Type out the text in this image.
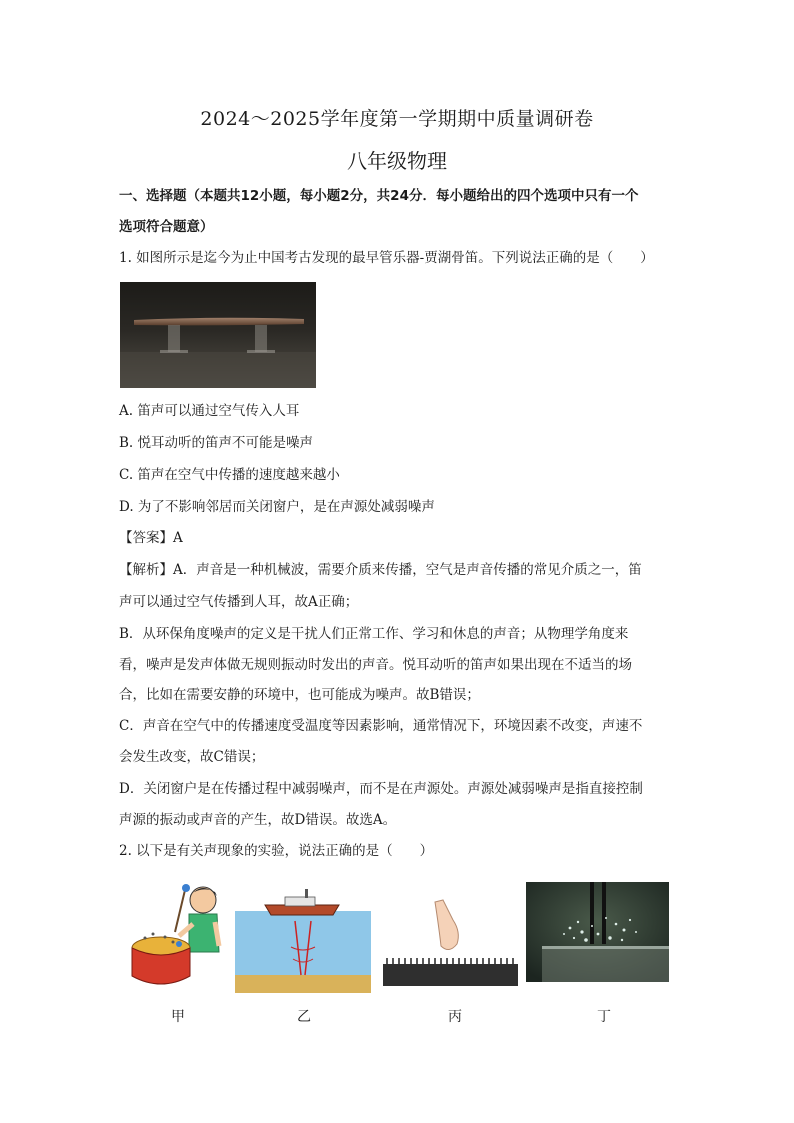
2024～2025学年度第一学期期中质量调研卷
八年级物理
一、选择题（本题共12小题，每小题2分，共24分．每小题给出的四个选项中只有一个
选项符合题意）
1. 如图所示是迄今为止中国考古发现的最早管乐器-贾湖骨笛。下列说法正确的是（　　）
A. 笛声可以通过空气传入人耳
B. 悦耳动听的笛声不可能是噪声
C. 笛声在空气中传播的速度越来越小
D. 为了不影响邻居而关闭窗户，是在声源处减弱噪声
【答案】A
【解析】A．声音是一种机械波，需要介质来传播，空气是声音传播的常见介质之一，笛
声可以通过空气传播到人耳，故A正确；
B．从环保角度噪声的定义是干扰人们正常工作、学习和休息的声音；从物理学角度来
看，噪声是发声体做无规则振动时发出的声音。悦耳动听的笛声如果出现在不适当的场
合，比如在需要安静的环境中，也可能成为噪声。故B错误；
C．声音在空气中的传播速度受温度等因素影响，通常情况下，环境因素不改变，声速不
会发生改变，故C错误；
D．关闭窗户是在传播过程中减弱噪声，而不是在声源处。声源处减弱噪声是指直接控制
声源的振动或声音的产生，故D错误。故选A。
2. 以下是有关声现象的实验，说法正确的是（　　）
甲	乙	丙	丁
